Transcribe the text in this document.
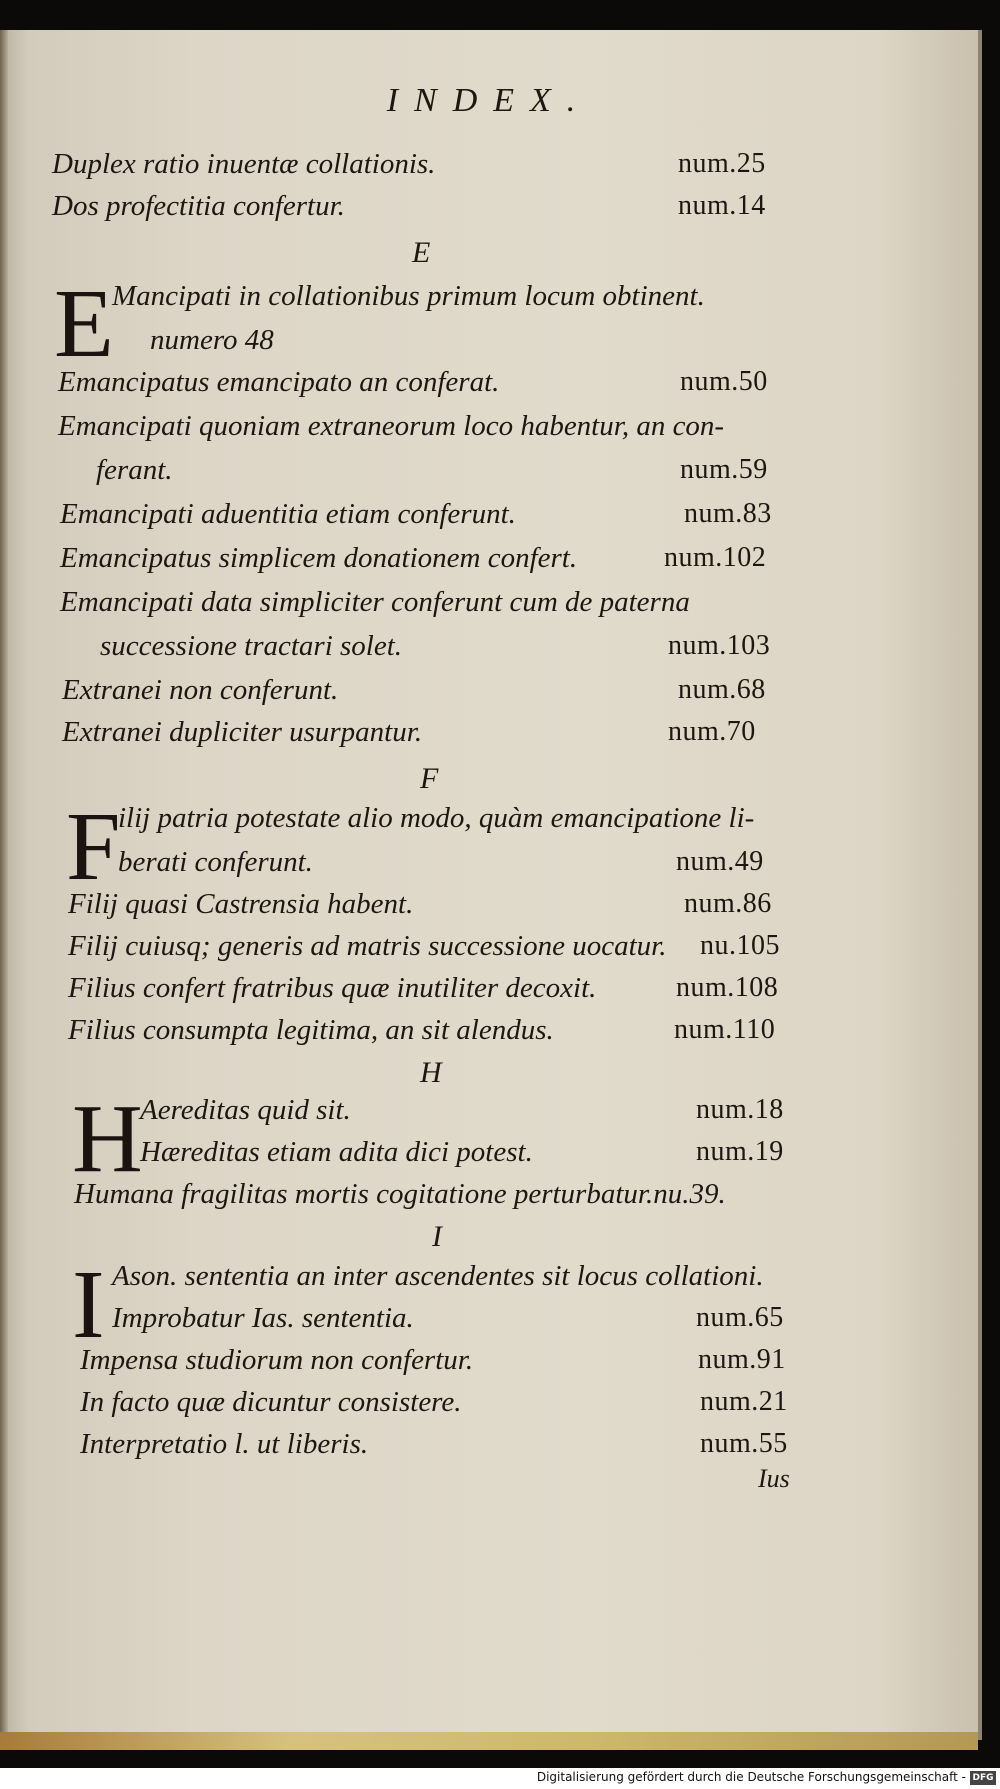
INDEX.
Duplex ratio inuentæ collationis.	num.25
Dos profectitia confertur.	num.14
E
E
Mancipati in collationibus primum locum obtinent.
numero 48
Emancipatus emancipato an conferat.	num.50
Emancipati quoniam extraneorum loco habentur, an con-
ferant.	num.59
Emancipati aduentitia etiam conferunt.	num.83
Emancipatus simplicem donationem confert.	num.102
Emancipati data simpliciter conferunt cum de paterna
successione tractari solet.	num.103
Extranei non conferunt.	num.68
Extranei dupliciter usurpantur.	num.70
F
F
ilij patria potestate alio modo, quàm emancipatione li-
berati conferunt.	num.49
Filij quasi Castrensia habent.	num.86
Filij cuiusq; generis ad matris successione uocatur. nu.105
Filius confert fratribus quæ inutiliter decoxit.	num.108
Filius consumpta legitima, an sit alendus.	num.110
H
H
Aereditas quid sit.	num.18
Hæreditas etiam adita dici potest.	num.19
Humana fragilitas mortis cogitatione perturbatur.nu.39.
I
I Ason. sententia an inter ascendentes sit locus collationi.
Improbatur Ias. sententia.	num.65
Impensa studiorum non confertur.	num.91
In facto quæ dicuntur consistere.	num.21
Interpretatio l. ut liberis.	num.55
Ius
Digitalisierung gefördert durch die Deutsche Forschungsgemeinschaft - DFG
